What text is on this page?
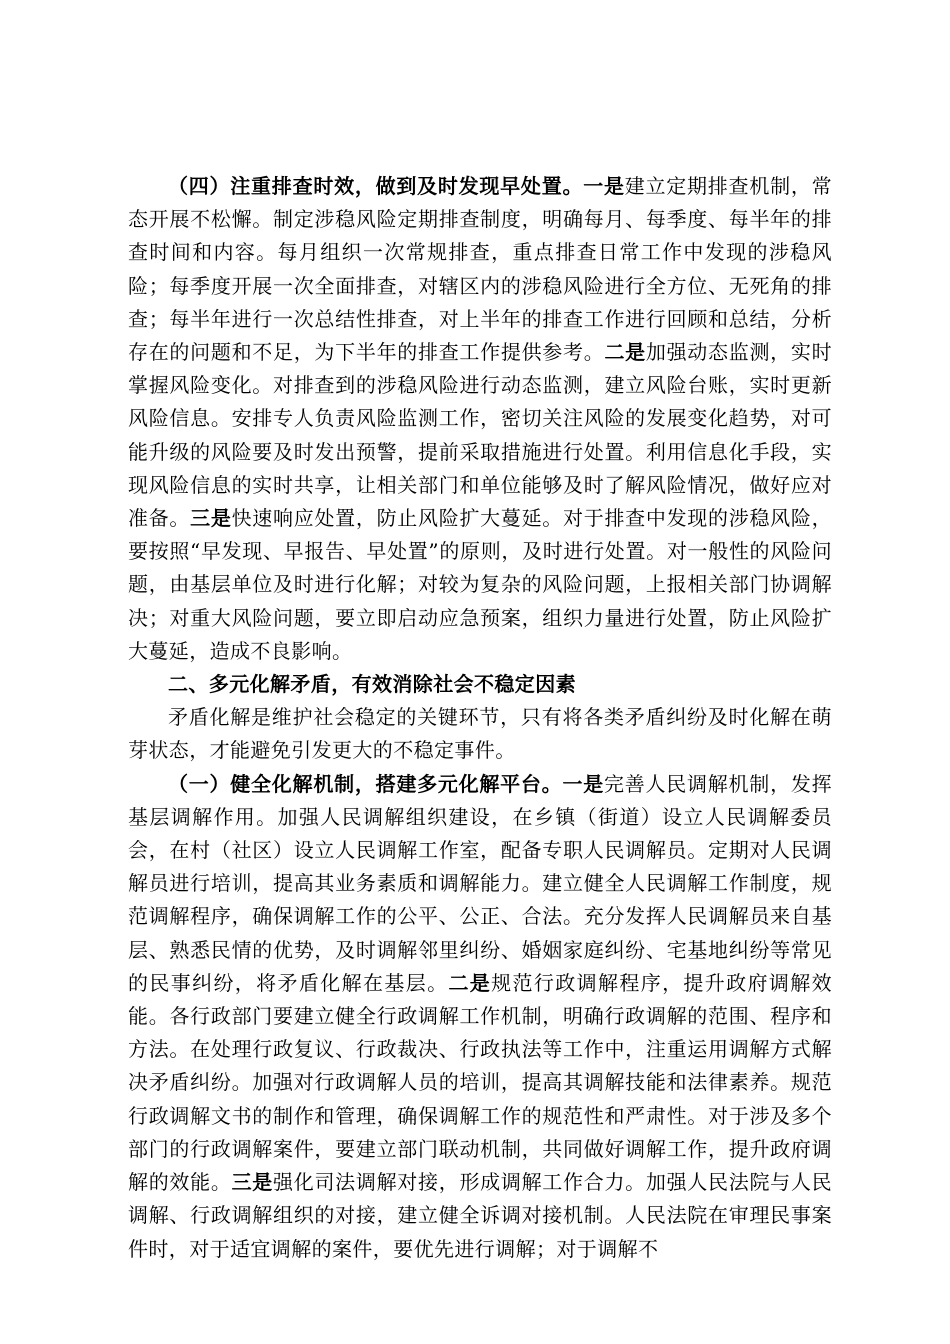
（四）注重排查时效，做到及时发现早处置。一是建立定期排查机制，常态开展不松懈。制定涉稳风险定期排查制度，明确每月、每季度、每半年的排查时间和内容。每月组织一次常规排查，重点排查日常工作中发现的涉稳风险；每季度开展一次全面排查，对辖区内的涉稳风险进行全方位、无死角的排查；每半年进行一次总结性排查，对上半年的排查工作进行回顾和总结，分析存在的问题和不足，为下半年的排查工作提供参考。二是加强动态监测，实时掌握风险变化。对排查到的涉稳风险进行动态监测，建立风险台账，实时更新风险信息。安排专人负责风险监测工作，密切关注风险的发展变化趋势，对可能升级的风险要及时发出预警，提前采取措施进行处置。利用信息化手段，实现风险信息的实时共享，让相关部门和单位能够及时了解风险情况，做好应对准备。三是快速响应处置，防止风险扩大蔓延。对于排查中发现的涉稳风险，要按照“早发现、早报告、早处置”的原则，及时进行处置。对一般性的风险问题，由基层单位及时进行化解；对较为复杂的风险问题，上报相关部门协调解决；对重大风险问题，要立即启动应急预案，组织力量进行处置，防止风险扩大蔓延，造成不良影响。

二、多元化解矛盾，有效消除社会不稳定因素

矛盾化解是维护社会稳定的关键环节，只有将各类矛盾纠纷及时化解在萌芽状态，才能避免引发更大的不稳定事件。

（一）健全化解机制，搭建多元化解平台。一是完善人民调解机制，发挥基层调解作用。加强人民调解组织建设，在乡镇（街道）设立人民调解委员会，在村（社区）设立人民调解工作室，配备专职人民调解员。定期对人民调解员进行培训，提高其业务素质和调解能力。建立健全人民调解工作制度，规范调解程序，确保调解工作的公平、公正、合法。充分发挥人民调解员来自基层、熟悉民情的优势，及时调解邻里纠纷、婚姻家庭纠纷、宅基地纠纷等常见的民事纠纷，将矛盾化解在基层。二是规范行政调解程序，提升政府调解效能。各行政部门要建立健全行政调解工作机制，明确行政调解的范围、程序和方法。在处理行政复议、行政裁决、行政执法等工作中，注重运用调解方式解决矛盾纠纷。加强对行政调解人员的培训，提高其调解技能和法律素养。规范行政调解文书的制作和管理，确保调解工作的规范性和严肃性。对于涉及多个部门的行政调解案件，要建立部门联动机制，共同做好调解工作，提升政府调解的效能。三是强化司法调解对接，形成调解工作合力。加强人民法院与人民调解、行政调解组织的对接，建立健全诉调对接机制。人民法院在审理民事案件时，对于适宜调解的案件，要优先进行调解；对于调解不
